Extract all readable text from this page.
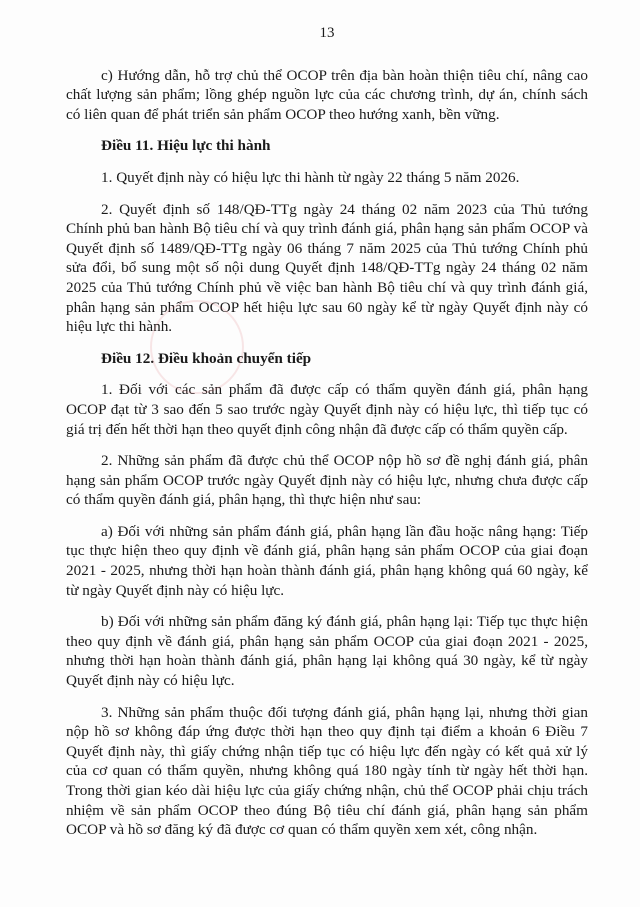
13

c) Hướng dẫn, hỗ trợ chủ thể OCOP trên địa bàn hoàn thiện tiêu chí, nâng cao chất lượng sản phẩm; lồng ghép nguồn lực của các chương trình, dự án, chính sách có liên quan để phát triển sản phẩm OCOP theo hướng xanh, bền vững.

Điều 11. Hiệu lực thi hành

1. Quyết định này có hiệu lực thi hành từ ngày 22 tháng 5 năm 2026.

2. Quyết định số 148/QĐ-TTg ngày 24 tháng 02 năm 2023 của Thủ tướng Chính phủ ban hành Bộ tiêu chí và quy trình đánh giá, phân hạng sản phẩm OCOP và Quyết định số 1489/QĐ-TTg ngày 06 tháng 7 năm 2025 của Thủ tướng Chính phủ sửa đổi, bổ sung một số nội dung Quyết định 148/QĐ-TTg ngày 24 tháng 02 năm 2025 của Thủ tướng Chính phủ về việc ban hành Bộ tiêu chí và quy trình đánh giá, phân hạng sản phẩm OCOP hết hiệu lực sau 60 ngày kể từ ngày Quyết định này có hiệu lực thi hành.

Điều 12. Điều khoản chuyển tiếp

1. Đối với các sản phẩm đã được cấp có thẩm quyền đánh giá, phân hạng OCOP đạt từ 3 sao đến 5 sao trước ngày Quyết định này có hiệu lực, thì tiếp tục có giá trị đến hết thời hạn theo quyết định công nhận đã được cấp có thẩm quyền cấp.

2. Những sản phẩm đã được chủ thể OCOP nộp hồ sơ đề nghị đánh giá, phân hạng sản phẩm OCOP trước ngày Quyết định này có hiệu lực, nhưng chưa được cấp có thẩm quyền đánh giá, phân hạng, thì thực hiện như sau:

a) Đối với những sản phẩm đánh giá, phân hạng lần đầu hoặc nâng hạng: Tiếp tục thực hiện theo quy định về đánh giá, phân hạng sản phẩm OCOP của giai đoạn 2021 - 2025, nhưng thời hạn hoàn thành đánh giá, phân hạng không quá 60 ngày, kể từ ngày Quyết định này có hiệu lực.

b) Đối với những sản phẩm đăng ký đánh giá, phân hạng lại: Tiếp tục thực hiện theo quy định về đánh giá, phân hạng sản phẩm OCOP của giai đoạn 2021 - 2025, nhưng thời hạn hoàn thành đánh giá, phân hạng lại không quá 30 ngày, kể từ ngày Quyết định này có hiệu lực.

3. Những sản phẩm thuộc đối tượng đánh giá, phân hạng lại, nhưng thời gian nộp hồ sơ không đáp ứng được thời hạn theo quy định tại điểm a khoản 6 Điều 7 Quyết định này, thì giấy chứng nhận tiếp tục có hiệu lực đến ngày có kết quả xử lý của cơ quan có thẩm quyền, nhưng không quá 180 ngày tính từ ngày hết thời hạn. Trong thời gian kéo dài hiệu lực của giấy chứng nhận, chủ thể OCOP phải chịu trách nhiệm về sản phẩm OCOP theo đúng Bộ tiêu chí đánh giá, phân hạng sản phẩm OCOP và hồ sơ đăng ký đã được cơ quan có thẩm quyền xem xét, công nhận.
